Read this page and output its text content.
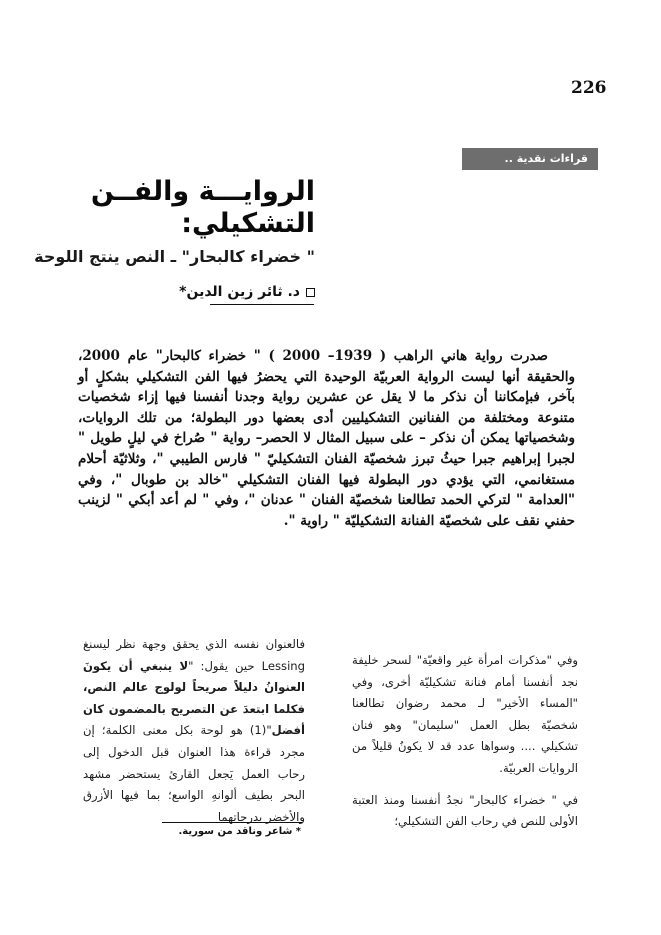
226
قراءات نقدية ..
الروايـــة والفــن
التشكيلي:
" خضراء كالبحار" ـ النص ينتج اللوحة
د. ثائر زين الدين*

صدرت رواية هاني الراهب ( 1939– 2000 ) " خضراء كالبحار" عام 2000، والحقيقة أنها ليست الرواية العربيّة الوحيدة التي يحضرُ فيها الفن التشكيلي بشكلٍ أو بآخر، فبإمكاننا أن نذكر ما لا يقل عن عشرين رواية وجدنا أنفسنا فيها إزاء شخصيات متنوعة ومختلفة من الفنانين التشكيليين أدى بعضها دور البطولة؛ من تلك الروايات، وشخصياتها يمكن أن نذكر – على سبيل المثال لا الحصر– رواية " صُراخ في ليلٍ طويل " لجبرا إبراهيم جبرا حيثُ تبرز شخصيّة الفنان التشكيليّ " فارس الطيبي "، وثلاثيّة أحلام مستغانمي، التي يؤدي دور البطولة فيها الفنان التشكيلي "خالد بن طوبال "، وفي "العدامة " لتركي الحمد تطالعنا شخصيّة الفنان " عدنان "، وفي " لم أعد أبكي " لزينب حفني نقف على شخصيّة الفنانة التشكيليّة " راوية ".

وفي "مذكرات امرأة غير واقعيّة" لسحر خليفة نجد أنفسنا أمام فنانة تشكيليّة أخرى، وفي "المساء الأخير" لـ محمد رضوان تطالعنا شخصيّة بطل العمل "سليمان" وهو فنان تشكيلي .... وسواها عدد قد لا يكونُ قليلاً من الروايات العربيّة.

في " خضراء كالبحار" نجدُ أنفسنا ومنذ العتبة الأولى للنص في رحاب الفن التشكيلي؛

فالعنوان نفسه الذي يحقق وجهة نظر ليسنغ Lessing حين يقول: "لا ينبغي أن يكونَ العنوانُ دليلاً صريحاً لولوج عالم النص، فكلما ابتعدَ عن التصريح بالمضمون كان أفضل"(1) هو لوحة بكل معنى الكلمة؛ إن مجرد قراءة هذا العنوان قبل الدخول إلى رحاب العمل يَجعل القارئ يستحضر مشهد البحر بطيف ألوانهِ الواسع؛ بما فيها الأزرق والأخضر بدرجاتهما

* شاعر وناقد من سورية.
